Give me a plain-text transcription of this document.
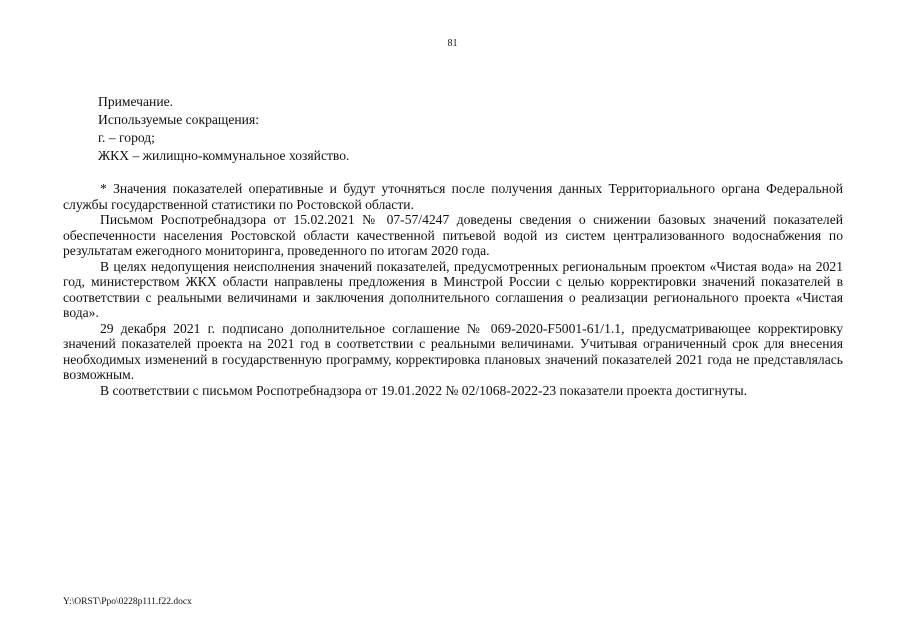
81
Примечание.
Используемые сокращения:
г. – город;
ЖКХ – жилищно-коммунальное хозяйство.

* Значения показателей оперативные и будут уточняться после получения данных Территориального органа Федеральной службы государственной статистики по Ростовской области.

Письмом Роспотребнадзора от 15.02.2021 № 07-57/4247 доведены сведения о снижении базовых значений показателей обеспеченности населения Ростовской области качественной питьевой водой из систем централизованного водоснабжения по результатам ежегодного мониторинга, проведенного по итогам 2020 года.

В целях недопущения неисполнения значений показателей, предусмотренных региональным проектом «Чистая вода» на 2021 год, министерством ЖКХ области направлены предложения в Минстрой России с целью корректировки значений показателей в соответствии с реальными величинами и заключения дополнительного соглашения о реализации регионального проекта «Чистая вода».

29 декабря 2021 г. подписано дополнительное соглашение № 069-2020-F5001-61/1.1, предусматривающее корректировку значений показателей проекта на 2021 год в соответствии с реальными величинами. Учитывая ограниченный срок для внесения необходимых изменений в государственную программу, корректировка плановых значений показателей 2021 года не представлялась возможным.

В соответствии с письмом Роспотребнадзора от 19.01.2022 № 02/1068-2022-23 показатели проекта достигнуты.

Y:\ORST\Ppo\0228p111.f22.docx
